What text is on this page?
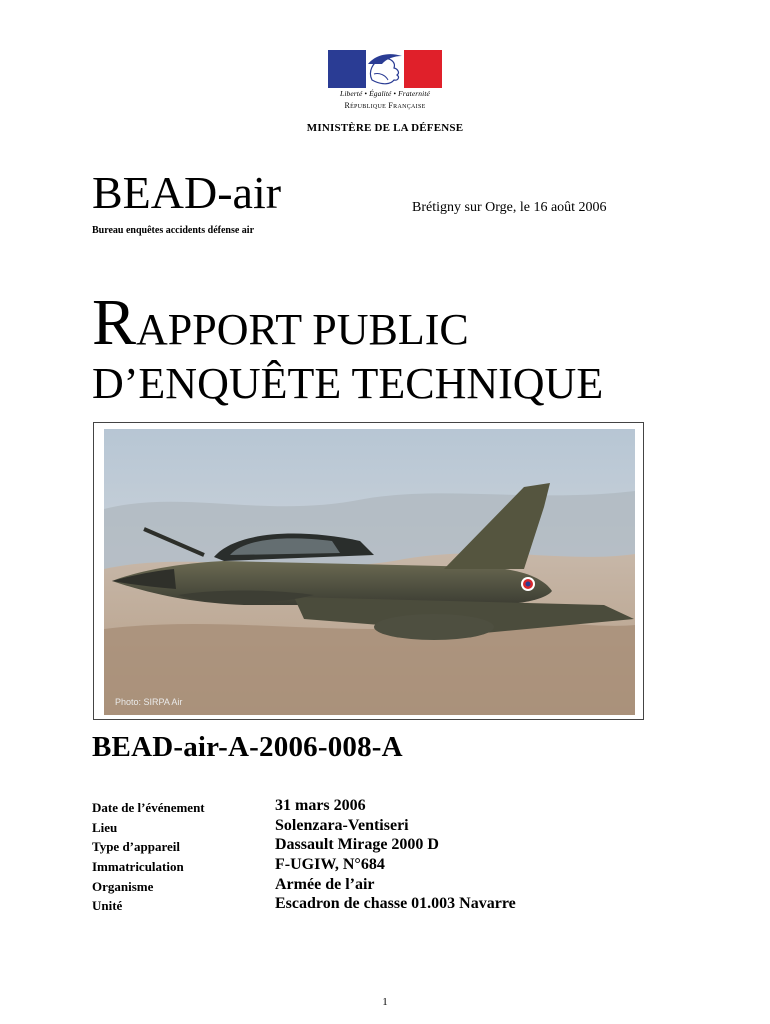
Liberté • Égalité • Fraternité
République Française
MINISTÈRE DE LA DÉFENSE
BEAD-air
Bureau enquêtes accidents défense air
Brétigny sur Orge, le 16 août 2006
RAPPORT PUBLIC
D’ENQUÊTE TECHNIQUE
Photo: SIRPA Air
BEAD-air-A-2006-008-A
Date de l’événement	31 mars 2006
Lieu	Solenzara-Ventiseri
Type d’appareil	Dassault Mirage 2000 D
Immatriculation	F-UGIW, N°684
Organisme	Armée de l’air
Unité	Escadron de chasse 01.003 Navarre
1
